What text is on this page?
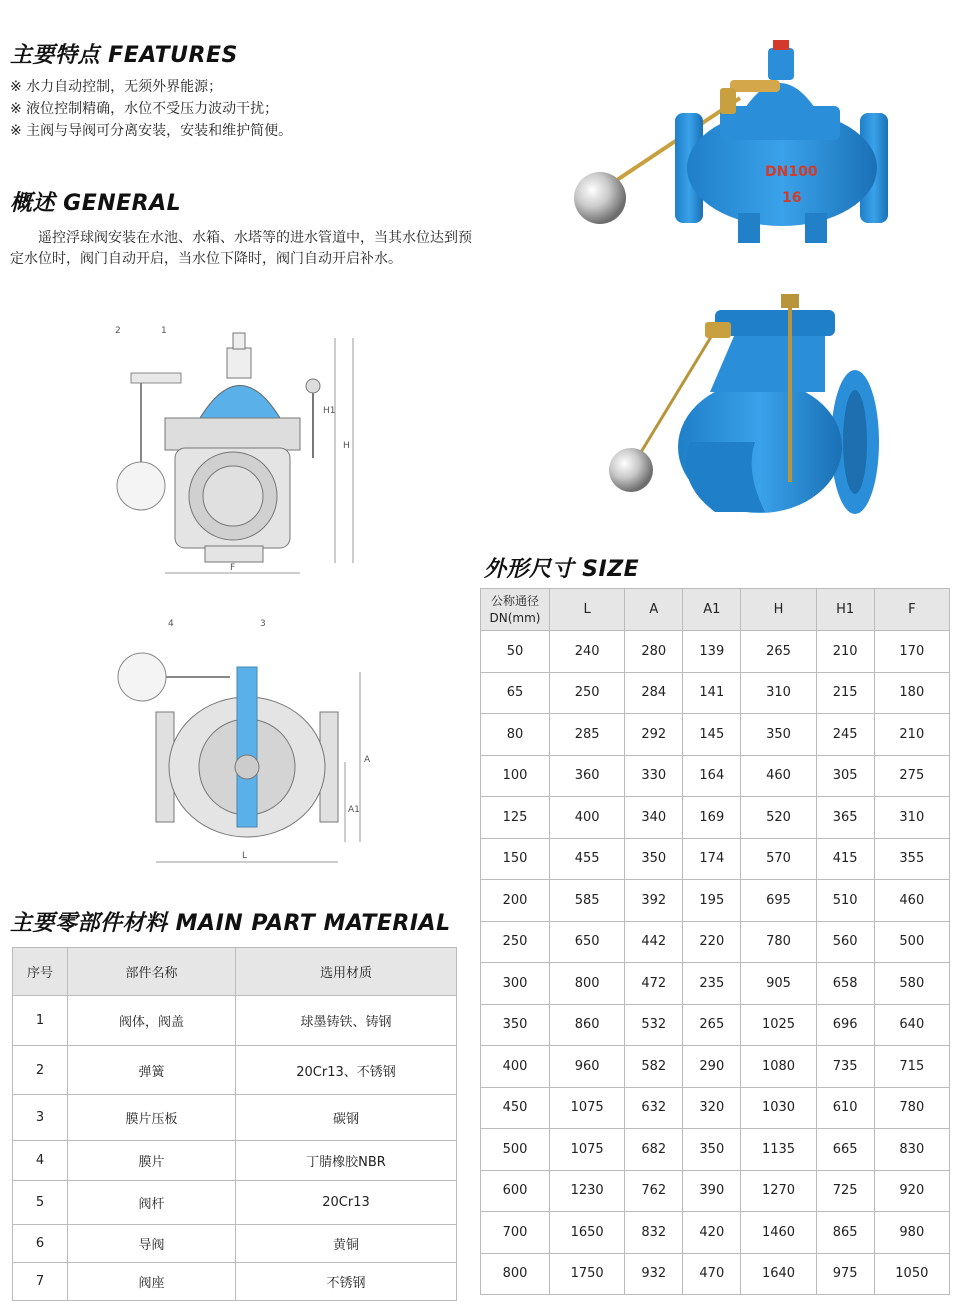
主要特点 FEATURES
※ 水力自动控制，无须外界能源；
※ 液位控制精确，水位不受压力波动干扰；
※ 主阀与导阀可分离安装，安装和维护简便。
概述 GENERAL
遥控浮球阀安装在水池、水箱、水塔等的进水管道中，当其水位达到预定水位时，阀门自动开启，当水位下降时，阀门自动开启补水。
DN100
16
2	1
H1
H
F
4	3
A
A1
L
主要零部件材料 MAIN PART MATERIAL
序号	部件名称	选用材质
1	阀体，阀盖	球墨铸铁、铸钢
2	弹簧	20Cr13、不锈钢
3	膜片压板	碳钢
4	膜片	丁腈橡胶NBR
5	阀杆	20Cr13
6	导阀	黄铜
7	阀座	不锈钢
外形尺寸 SIZE
公称通径
DN(mm)	L	A	A1	H	H1	F
50	240	280	139	265	210	170
65	250	284	141	310	215	180
80	285	292	145	350	245	210
100	360	330	164	460	305	275
125	400	340	169	520	365	310
150	455	350	174	570	415	355
200	585	392	195	695	510	460
250	650	442	220	780	560	500
300	800	472	235	905	658	580
350	860	532	265	1025	696	640
400	960	582	290	1080	735	715
450	1075	632	320	1030	610	780
500	1075	682	350	1135	665	830
600	1230	762	390	1270	725	920
700	1650	832	420	1460	865	980
800	1750	932	470	1640	975	1050
